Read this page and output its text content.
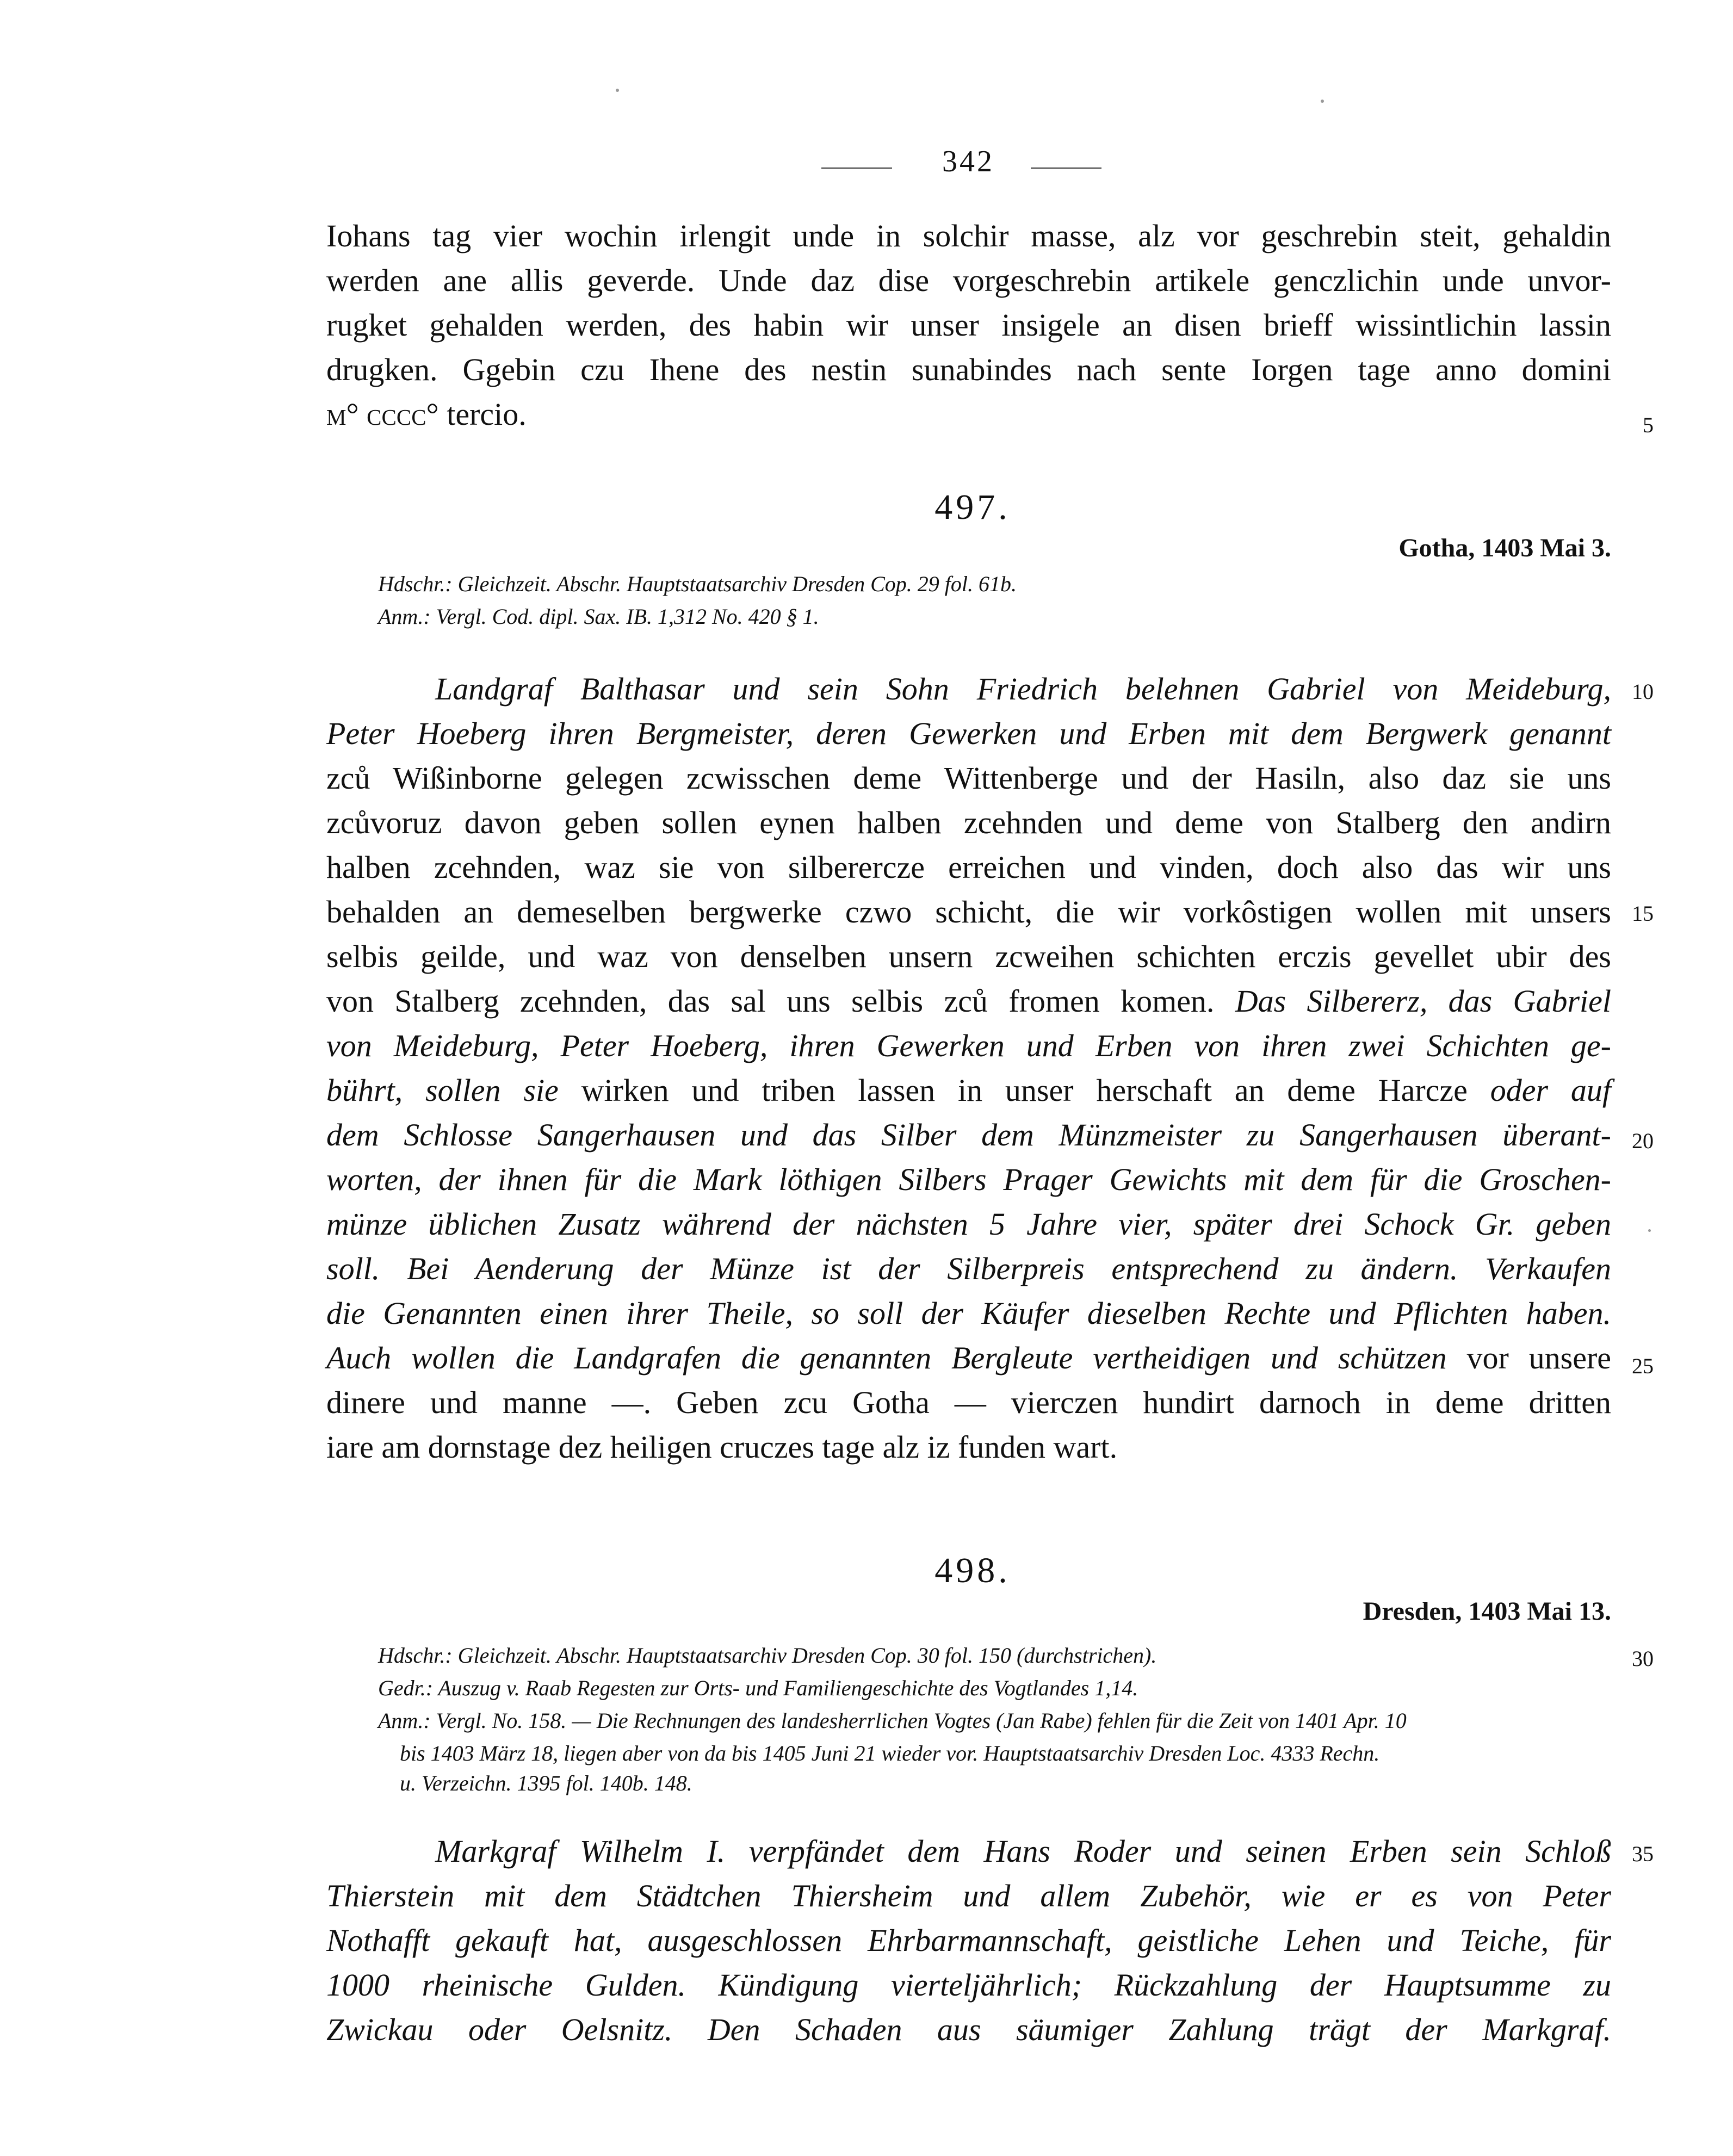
342
Iohans tag vier wochin irlengit unde in solchir masse, alz vor geschrebin steit, gehaldin
werden ane allis geverde. Unde daz dise vorgeschrebin artikele genczlichin unde unvor-
rugket gehalden werden, des habin wir unser insigele an disen brieff wissintlichin lassin
drugken. Ggebin czu Ihene des nestin sunabindes nach sente Iorgen tage anno domini
m° cccc° tercio.	5
497.
Gotha, 1403 Mai 3.
Hdschr.: Gleichzeit. Abschr. Hauptstaatsarchiv Dresden Cop. 29 fol. 61b.
Anm.: Vergl. Cod. dipl. Sax. IB. 1,312 No. 420 § 1.
Landgraf Balthasar und sein Sohn Friedrich belehnen Gabriel von Meideburg,
Peter Hoeberg ihren Bergmeister, deren Gewerken und Erben mit dem Bergwerk genannt
zců Wißinborne gelegen zcwisschen deme Wittenberge und der Hasiln, also daz sie uns
zcůvoruz davon geben sollen eynen halben zcehnden und deme von Stalberg den andirn
halben zcehnden, waz sie von silberercze erreichen und vinden, doch also das wir uns
behalden an demeselben bergwerke czwo schicht, die wir vorkôstigen wollen mit unsers
selbis geilde, und waz von denselben unsern zcweihen schichten erczis gevellet ubir des
von Stalberg zcehnden, das sal uns selbis zců fromen komen. Das Silbererz, das Gabriel
von Meideburg, Peter Hoeberg, ihren Gewerken und Erben von ihren zwei Schichten ge-
bührt, sollen sie wirken und triben lassen in unser herschaft an deme Harcze oder auf
dem Schlosse Sangerhausen und das Silber dem Münzmeister zu Sangerhausen überant-
worten, der ihnen für die Mark löthigen Silbers Prager Gewichts mit dem für die Groschen-
münze üblichen Zusatz während der nächsten 5 Jahre vier, später drei Schock Gr. geben
soll. Bei Aenderung der Münze ist der Silberpreis entsprechend zu ändern. Verkaufen
die Genannten einen ihrer Theile, so soll der Käufer dieselben Rechte und Pflichten haben.
Auch wollen die Landgrafen die genannten Bergleute vertheidigen und schützen vor unsere
dinere und manne —. Geben zcu Gotha — vierczen hundirt darnoch in deme dritten
iare am dornstage dez heiligen cruczes tage alz iz funden wart.
10
15
20
25
498.
Dresden, 1403 Mai 13.
Hdschr.: Gleichzeit. Abschr. Hauptstaatsarchiv Dresden Cop. 30 fol. 150 (durchstrichen).	30
Gedr.: Auszug v. Raab Regesten zur Orts- und Familiengeschichte des Vogtlandes 1,14.
Anm.: Vergl. No. 158. — Die Rechnungen des landesherrlichen Vogtes (Jan Rabe) fehlen für die Zeit von 1401 Apr. 10
bis 1403 März 18, liegen aber von da bis 1405 Juni 21 wieder vor. Hauptstaatsarchiv Dresden Loc. 4333 Rechn.
u. Verzeichn. 1395 fol. 140b. 148.
Markgraf Wilhelm I. verpfändet dem Hans Roder und seinen Erben sein Schloß
Thierstein mit dem Städtchen Thiersheim und allem Zubehör, wie er es von Peter
Nothafft gekauft hat, ausgeschlossen Ehrbarmannschaft, geistliche Lehen und Teiche, für
1000 rheinische Gulden. Kündigung vierteljährlich; Rückzahlung der Hauptsumme zu
Zwickau oder Oelsnitz. Den Schaden aus säumiger Zahlung trägt der Markgraf.
35
